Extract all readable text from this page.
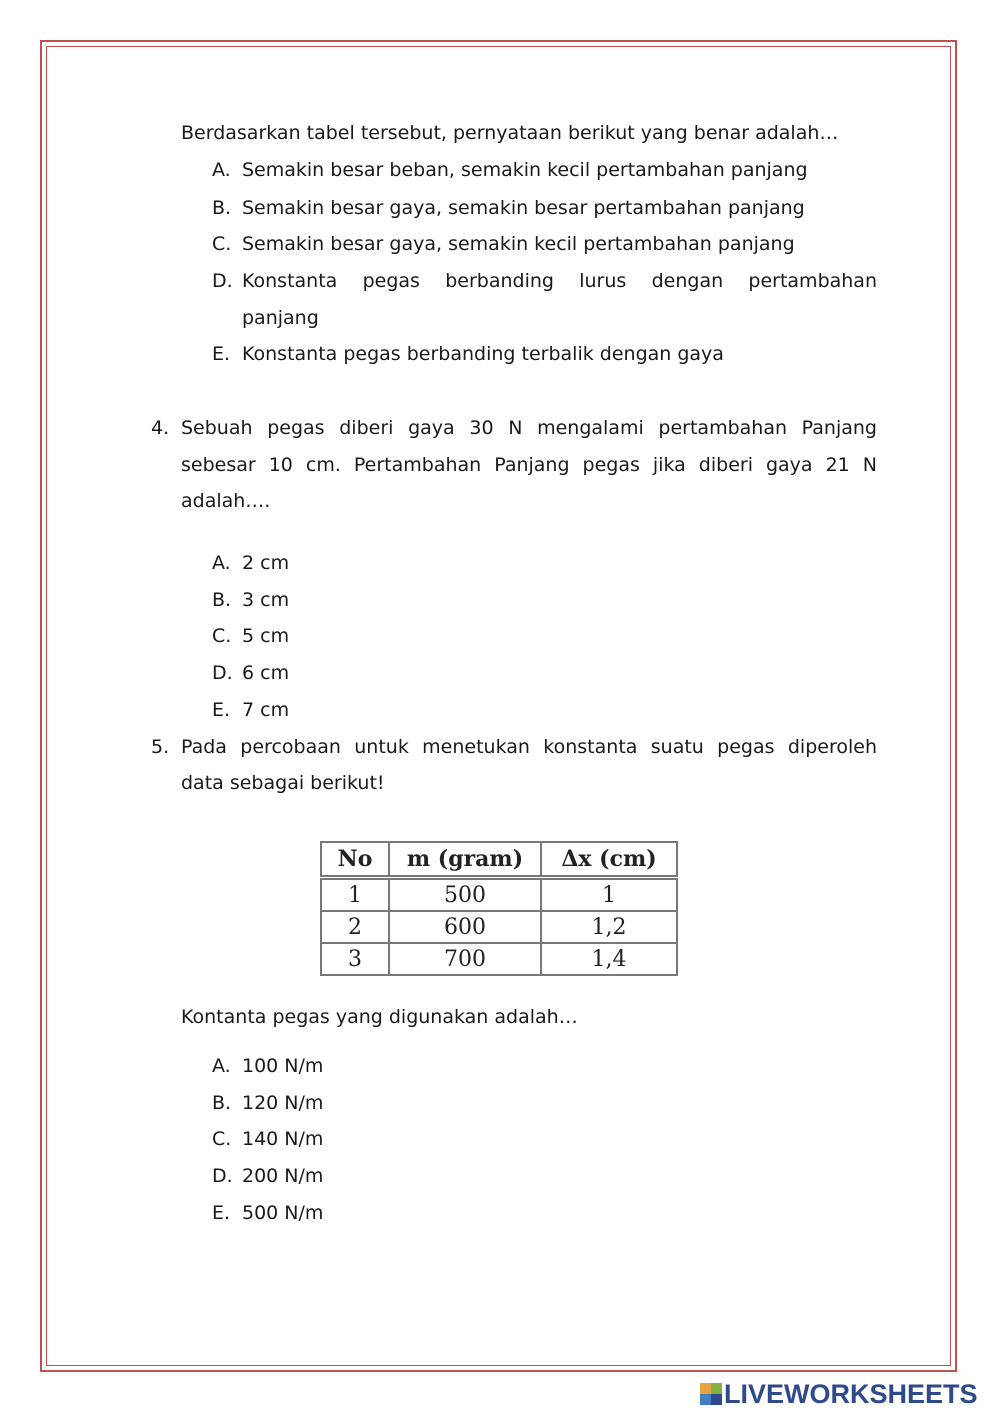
Berdasarkan tabel tersebut, pernyataan berikut yang benar adalah…
A. Semakin besar beban, semakin kecil pertambahan panjang
B. Semakin besar gaya, semakin besar pertambahan panjang
C. Semakin besar gaya, semakin kecil pertambahan panjang
D. Konstanta pegas berbanding lurus dengan pertambahan
panjang
E. Konstanta pegas berbanding terbalik dengan gaya
4. Sebuah pegas diberi gaya 30 N mengalami pertambahan Panjang
sebesar 10 cm. Pertambahan Panjang pegas jika diberi gaya 21 N
adalah….
A. 2 cm
B. 3 cm
C. 5 cm
D. 6 cm
E. 7 cm
5. Pada percobaan untuk menetukan konstanta suatu pegas diperoleh
data sebagai berikut!
No	m (gram)	Δx (cm)
1	500	1
2	600	1,2
3	700	1,4
Kontanta pegas yang digunakan adalah…
A. 100 N/m
B. 120 N/m
C. 140 N/m
D. 200 N/m
E. 500 N/m
LIVEWORKSHEETS
